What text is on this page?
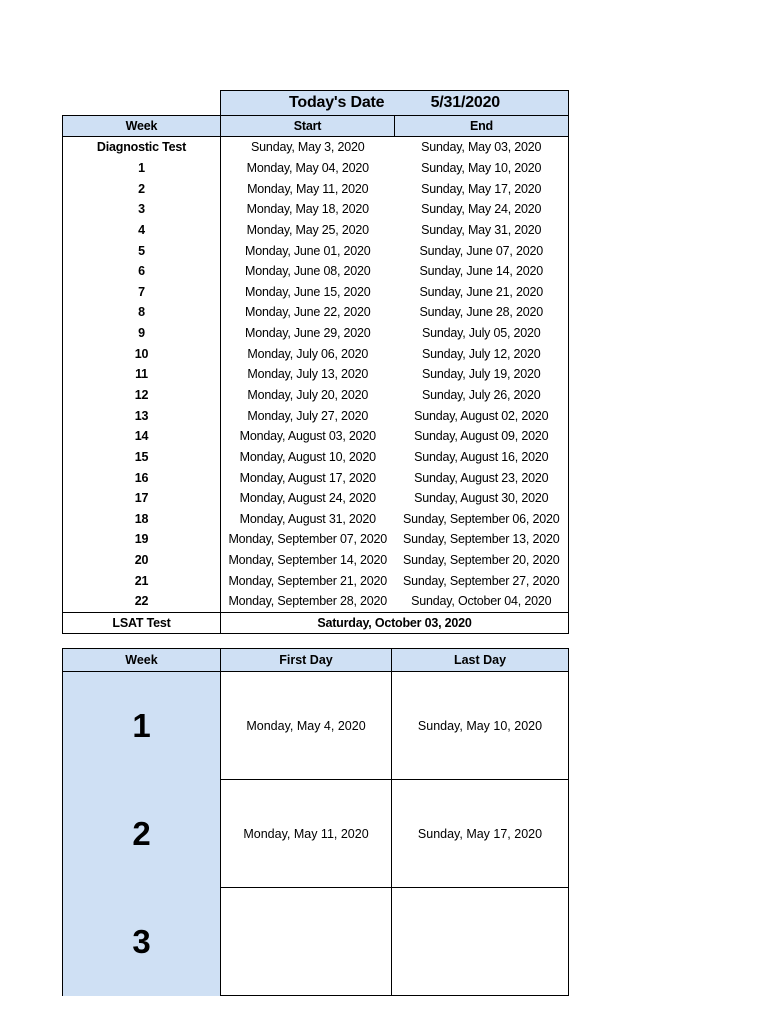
	Today's Date 5/31/2020	
Week	Start	End
Diagnostic Test	Sunday, May 3, 2020	Sunday, May 03, 2020
1	Monday, May 04, 2020	Sunday, May 10, 2020
2	Monday, May 11, 2020	Sunday, May 17, 2020
3	Monday, May 18, 2020	Sunday, May 24, 2020
4	Monday, May 25, 2020	Sunday, May 31, 2020
5	Monday, June 01, 2020	Sunday, June 07, 2020
6	Monday, June 08, 2020	Sunday, June 14, 2020
7	Monday, June 15, 2020	Sunday, June 21, 2020
8	Monday, June 22, 2020	Sunday, June 28, 2020
9	Monday, June 29, 2020	Sunday, July 05, 2020
10	Monday, July 06, 2020	Sunday, July 12, 2020
11	Monday, July 13, 2020	Sunday, July 19, 2020
12	Monday, July 20, 2020	Sunday, July 26, 2020
13	Monday, July 27, 2020	Sunday, August 02, 2020
14	Monday, August 03, 2020	Sunday, August 09, 2020
15	Monday, August 10, 2020	Sunday, August 16, 2020
16	Monday, August 17, 2020	Sunday, August 23, 2020
17	Monday, August 24, 2020	Sunday, August 30, 2020
18	Monday, August 31, 2020	Sunday, September 06, 2020
19	Monday, September 07, 2020	Sunday, September 13, 2020
20	Monday, September 14, 2020	Sunday, September 20, 2020
21	Monday, September 21, 2020	Sunday, September 27, 2020
22	Monday, September 28, 2020	Sunday, October 04, 2020
LSAT Test	Saturday, October 03, 2020	
Week	First Day	Last Day
1	Monday, May 4, 2020	Sunday, May 10, 2020
2	Monday, May 11, 2020	Sunday, May 17, 2020
3		
